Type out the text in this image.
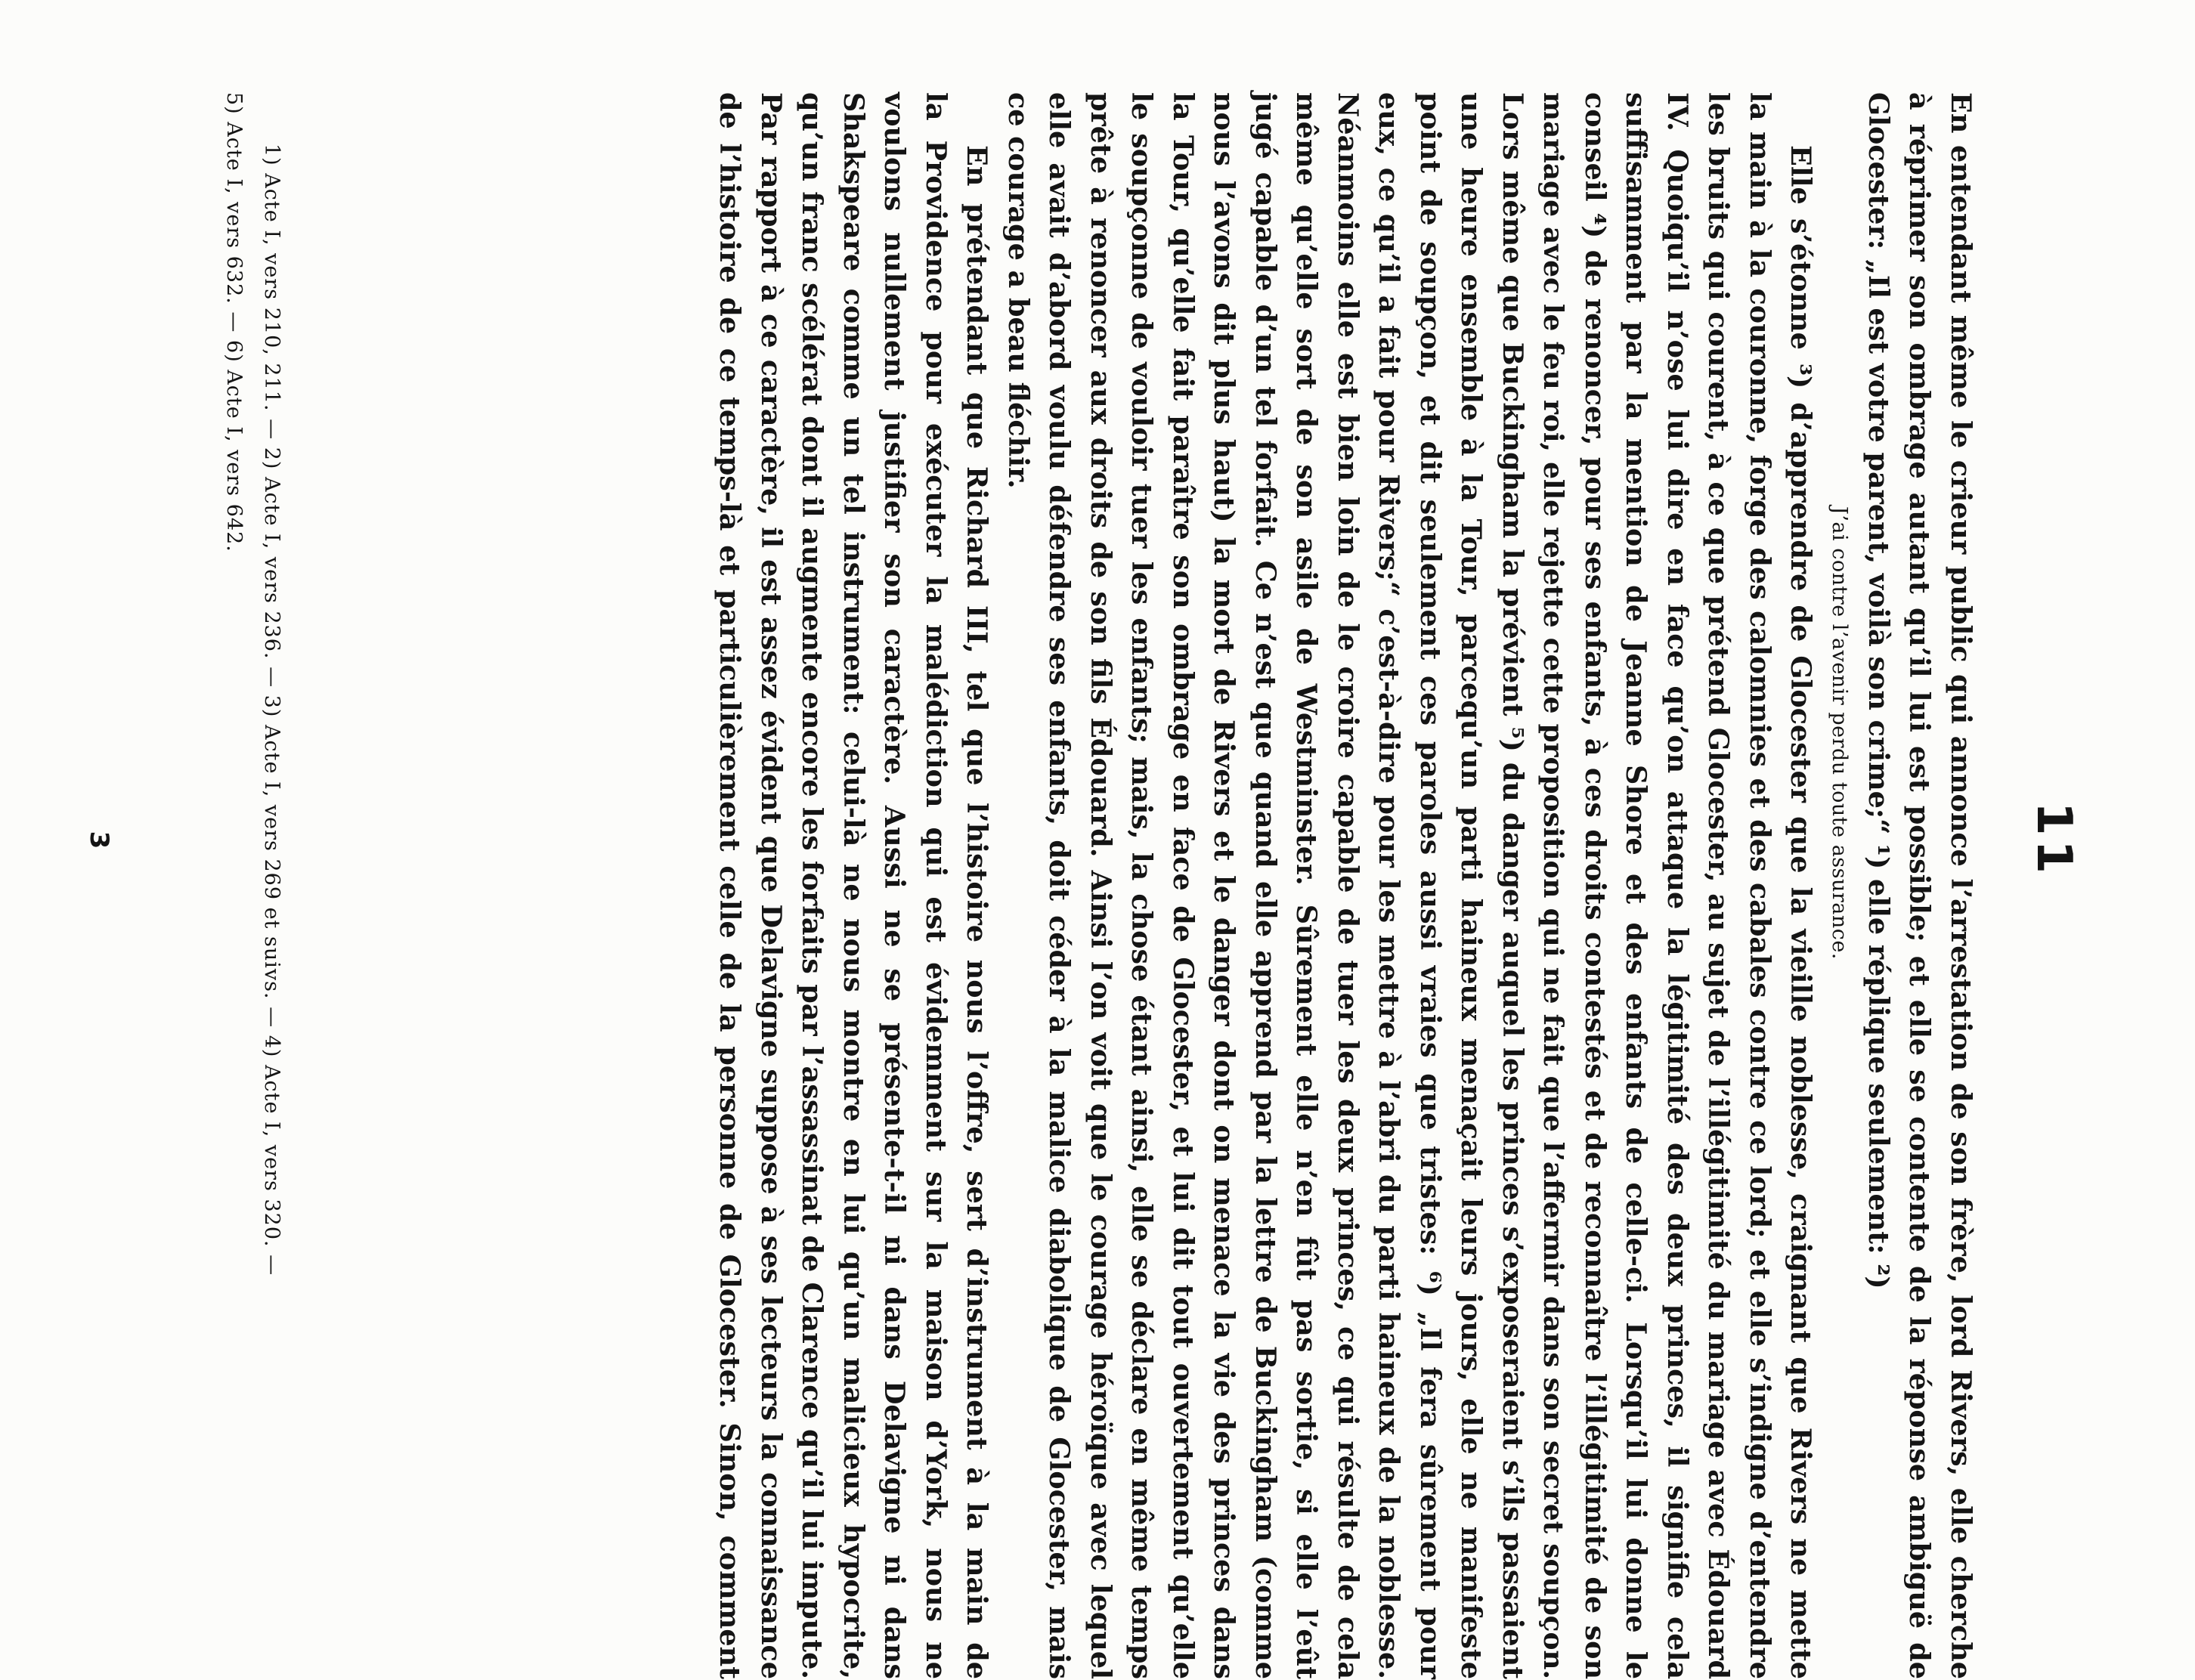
11
En entendant même le crieur public qui annonce l’arrestation de son frère, lord Rivers, elle cherche
à réprimer son ombrage autant qu’il lui est possible; et elle se contente de la réponse ambiguë de
Glocester: „Il est votre parent, voilà son crime;“ ¹) elle réplique seulement: ²)
J’ai contre l’avenir perdu toute assurance.
Elle s’étonne ³) d’apprendre de Glocester que la vieille noblesse, craignant que Rivers ne mette
la main à la couronne, forge des calomnies et des cabales contre ce lord; et elle s’indigne d’entendre
les bruits qui courent, à ce que prétend Glocester, au sujet de l’illégitimité du mariage avec Édouard
IV. Quoiqu’il n’ose lui dire en face qu’on attaque la légitimité des deux princes, il signifie cela
suffisamment par la mention de Jeanne Shore et des enfants de celle-ci. Lorsqu’il lui donne le
conseil ⁴) de renoncer, pour ses enfants, à ces droits contestés et de reconnaître l’illégitimité de son
mariage avec le feu roi, elle rejette cette proposition qui ne fait que l’affermir dans son secret soupçon.
Lors même que Buckingham la prévient ⁵) du danger auquel les princes s’exposeraient s’ils passaient
une heure ensemble à la Tour, parcequ’un parti haineux menaçait leurs jours, elle ne manifeste
point de soupçon, et dit seulement ces paroles aussi vraies que tristes: ⁶) „Il fera sûrement pour
eux, ce qu’il a fait pour Rivers;“ c’est-à-dire pour les mettre à l’abri du parti haineux de la noblesse.
Néanmoins elle est bien loin de le croire capable de tuer les deux princes, ce qui résulte de cela
même qu’elle sort de son asile de Westminster. Sûrement elle n’en fût pas sortie, si elle l’eût
jugé capable d’un tel forfait. Ce n’est que quand elle apprend par la lettre de Buckingham (comme
nous l’avons dit plus haut) la mort de Rivers et le danger dont on menace la vie des princes dans
la Tour, qu’elle fait paraître son ombrage en face de Glocester, et lui dit tout ouvertement qu’elle
le soupçonne de vouloir tuer les enfants; mais, la chose étant ainsi, elle se déclare en même temps
prête à renoncer aux droits de son fils Édouard. Ainsi l’on voit que le courage héroïque avec lequel
elle avait d’abord voulu défendre ses enfants, doit céder à la malice diabolique de Glocester, mais
ce courage a beau fléchir.
En prétendant que Richard III, tel que l’histoire nous l’offre, sert d’instrument à la main de
la Providence pour exécuter la malédiction qui est évidemment sur la maison d’York, nous ne
voulons nullement justifier son caractère. Aussi ne se présente-t-il ni dans Delavigne ni dans
Shakspeare comme un tel instrument: celui-là ne nous montre en lui qu’un malicieux hypocrite,
qu’un franc scélérat dont il augmente encore les forfaits par l’assassinat de Clarence qu’il lui impute.
Par rapport à ce caractère, il est assez évident que Delavigne suppose à ses lecteurs la connaissance
de l’histoire de ce temps-là et particulièrement celle de la personne de Glocester. Sinon, comment
1) Acte I, vers 210, 211. — 2) Acte I, vers 236. — 3) Acte I, vers 269 et suivs. — 4) Acte I, vers 320. —
5) Acte I, vers 632. — 6) Acte I, vers 642.
3
